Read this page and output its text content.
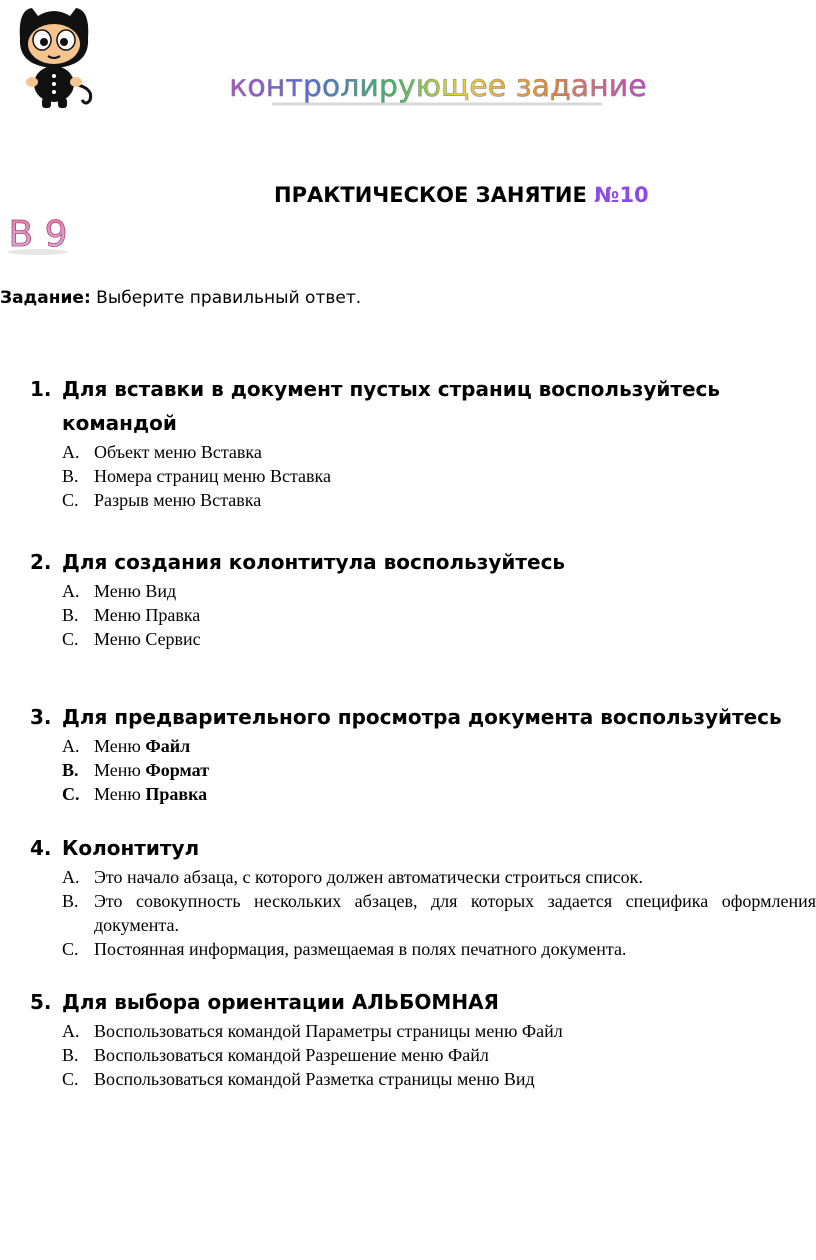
контролирующее задание
В 9
ПРАКТИЧЕСКОЕ ЗАНЯТИЕ №10
Задание: Выберите правильный ответ.
1. Для вставки в документ пустых страниц воспользуйтесь командой
A. Объект меню Вставка
B. Номера страниц меню Вставка
C. Разрыв меню Вставка
2. Для создания колонтитула воспользуйтесь
A. Меню Вид
B. Меню Правка
C. Меню Сервис
3. Для предварительного просмотра документа воспользуйтесь
A. Меню Файл
B. Меню Формат
C. Меню Правка
4. Колонтитул
A. Это начало абзаца, с которого должен автоматически строиться список.
B. Это совокупность нескольких абзацев, для которых задается специфика оформления документа.
C. Постоянная информация, размещаемая в полях печатного документа.
5. Для выбора ориентации АЛЬБОМНАЯ
A. Воспользоваться командой Параметры страницы меню Файл
B. Воспользоваться командой Разрешение меню Файл
C. Воспользоваться командой Разметка страницы меню Вид
